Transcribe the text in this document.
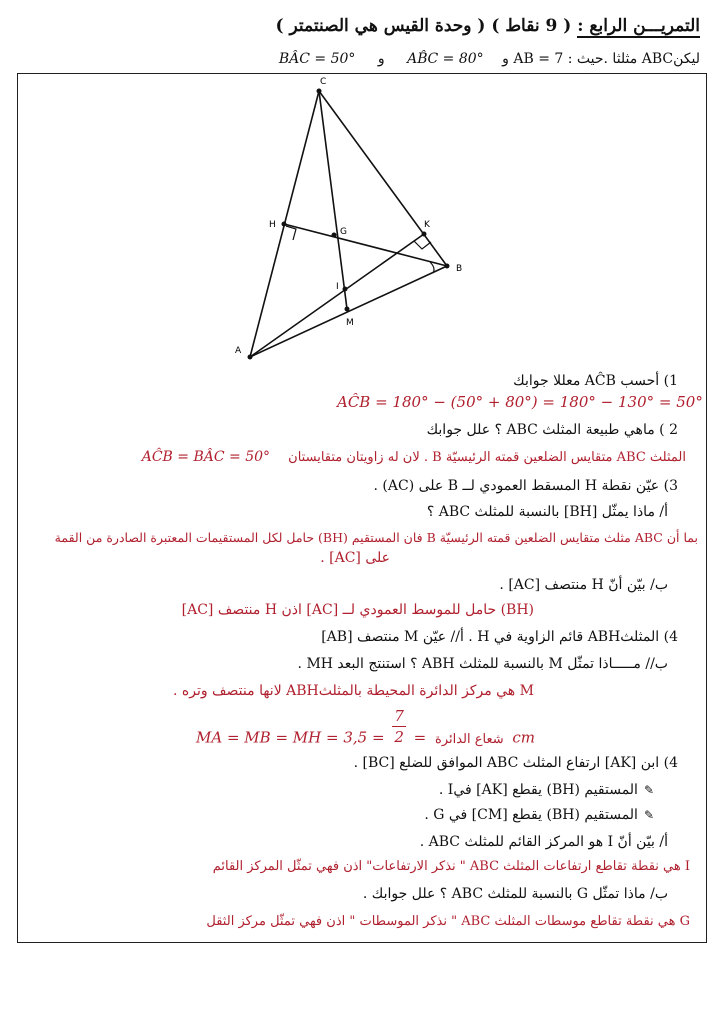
التمريـــن الرابع : ( 9 نقاط ) ( وحدة القيس هي الصنتمتر )
ليكنABC مثلثا .حيث : AB = 7 و AB̂C = 80° و BÂC = 50°
C
H
G
K
B
I
M
A
1) أحسب AĈB معللا جوابك
AĈB = 180° − (50° + 80°) = 180° − 130° = 50°
2 ) ماهي طبيعة المثلث ABC ؟ علل جوابك
المثلث ABC متقايس الضلعين قمته الرئيسيّة B . لان له زاويتان متقايستان AĈB = BÂC = 50°
3) عيّن نقطة H المسقط العمودي لــ B على (AC) .
أ/ ماذا يمثّل [BH] بالنسبة للمثلث ABC ؟
بما أن ABC مثلث متقايس الضلعين قمته الرئيسيّة B فان المستقيم (BH) حامل لكل المستقيمات المعتبرة الصادرة من القمة
على [AC] .
ب/ بيّن أنّ H منتصف [AC] .
(BH) حامل للموسط العمودي لــ [AC] اذن H منتصف [AC]
4) المثلثABH قائم الزاوية في H . أ// عيّن M منتصف [AB]
ب// مـــــاذا تمثّل M بالنسبة للمثلث ABH ؟ استنتج البعد MH .
M هي مركز الدائرة المحيطة بالمثلثABH لانها منتصف وتره .
MA = MB = MH =	شعاع الدائرة =
$\frac{7}{2}$
= 3,5 cm
4) ابن [AK] ارتفاع المثلث ABC الموافق للضلع [BC] .
✎المستقيم (BH) يقطع [AK] فيI .
✎المستقيم (BH) يقطع [CM] في G .
أ/ بيّن أنّ I هو المركز القائم للمثلث ABC .
I هي نقطة تقاطع ارتفاعات المثلث ABC " نذكر الارتفاعات" اذن فهي تمثّل المركز القائم
ب/ ماذا تمثّل G بالنسبة للمثلث ABC ؟ علل جوابك .
G هي نقطة تقاطع موسطات المثلث ABC " نذكر الموسطات " اذن فهي تمثّل مركز الثقل
